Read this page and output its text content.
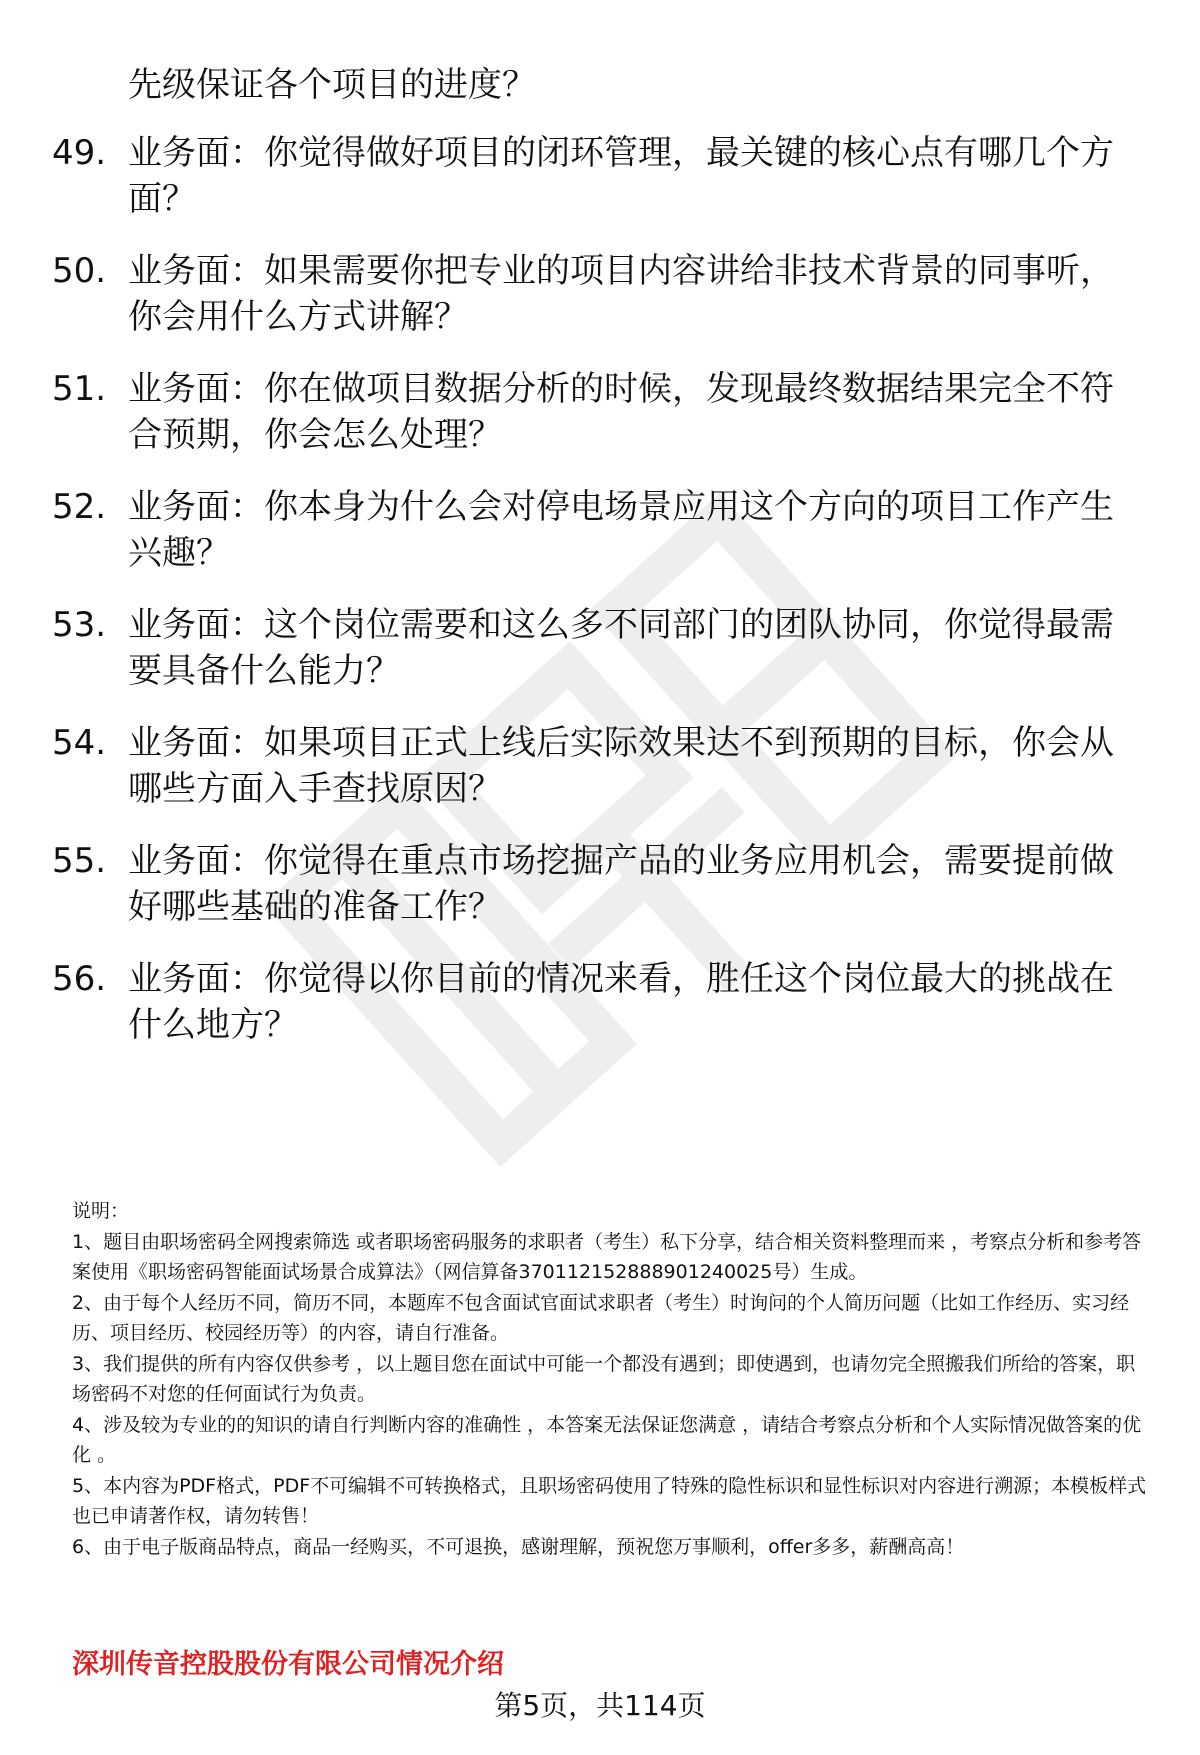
先级保证各个项目的进度？
49. 业务面：你觉得做好项目的闭环管理，最关键的核心点有哪几个方面？
50. 业务面：如果需要你把专业的项目内容讲给非技术背景的同事听，你会用什么方式讲解？
51. 业务面：你在做项目数据分析的时候，发现最终数据结果完全不符合预期，你会怎么处理？
52. 业务面：你本身为什么会对停电场景应用这个方向的项目工作产生兴趣？
53. 业务面：这个岗位需要和这么多不同部门的团队协同，你觉得最需要具备什么能力？
54. 业务面：如果项目正式上线后实际效果达不到预期的目标，你会从哪些方面入手查找原因？
55. 业务面：你觉得在重点市场挖掘产品的业务应用机会，需要提前做好哪些基础的准备工作？
56. 业务面：你觉得以你目前的情况来看，胜任这个岗位最大的挑战在什么地方？

说明：

1、题目由职场密码全网搜索筛选 或者职场密码服务的求职者（考生）私下分享，结合相关资料整理而来 ，考察点分析和参考答案使用《职场密码智能面试场景合成算法》（网信算备370112152888901240025号）生成。

2、由于每个人经历不同，简历不同，本题库不包含面试官面试求职者（考生）时询问的个人简历问题（比如工作经历、实习经历、项目经历、校园经历等）的内容，请自行准备。

3、我们提供的所有内容仅供参考 ，以上题目您在面试中可能一个都没有遇到；即使遇到，也请勿完全照搬我们所给的答案，职场密码不对您的任何面试行为负责。

4、涉及较为专业的的知识的请自行判断内容的准确性 ，本答案无法保证您满意 ，请结合考察点分析和个人实际情况做答案的优化 。

5、本内容为PDF格式，PDF不可编辑不可转换格式，且职场密码使用了特殊的隐性标识和显性标识对内容进行溯源；本模板样式也已申请著作权，请勿转售！

6、由于电子版商品特点，商品一经购买，不可退换，感谢理解，预祝您万事顺利，offer多多，薪酬高高！

深圳传音控股股份有限公司情况介绍
第5页，共114页
